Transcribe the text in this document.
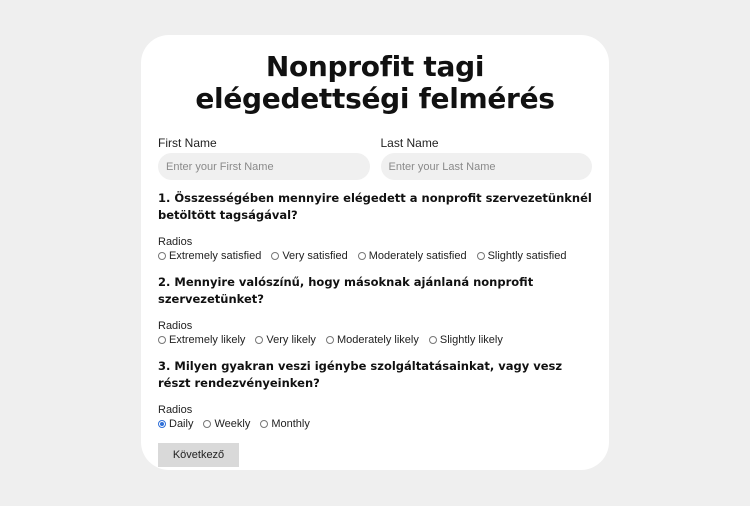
Nonprofit tagi elégedettségi felmérés
First Name
Enter your First Name	Last Name
Enter your Last Name
1. Összességében mennyire elégedett a nonprofit szervezetünknél betöltött tagságával?
Radios
Extremely satisfied Very satisfied Moderately satisfied Slightly satisfied
2. Mennyire valószínű, hogy másoknak ajánlaná nonprofit szervezetünket?
Radios
Extremely likely Very likely Moderately likely Slightly likely
3. Milyen gyakran veszi igénybe szolgáltatásainkat, vagy vesz részt rendezvényeinken?
Radios
Daily Weekly Monthly
Következő
